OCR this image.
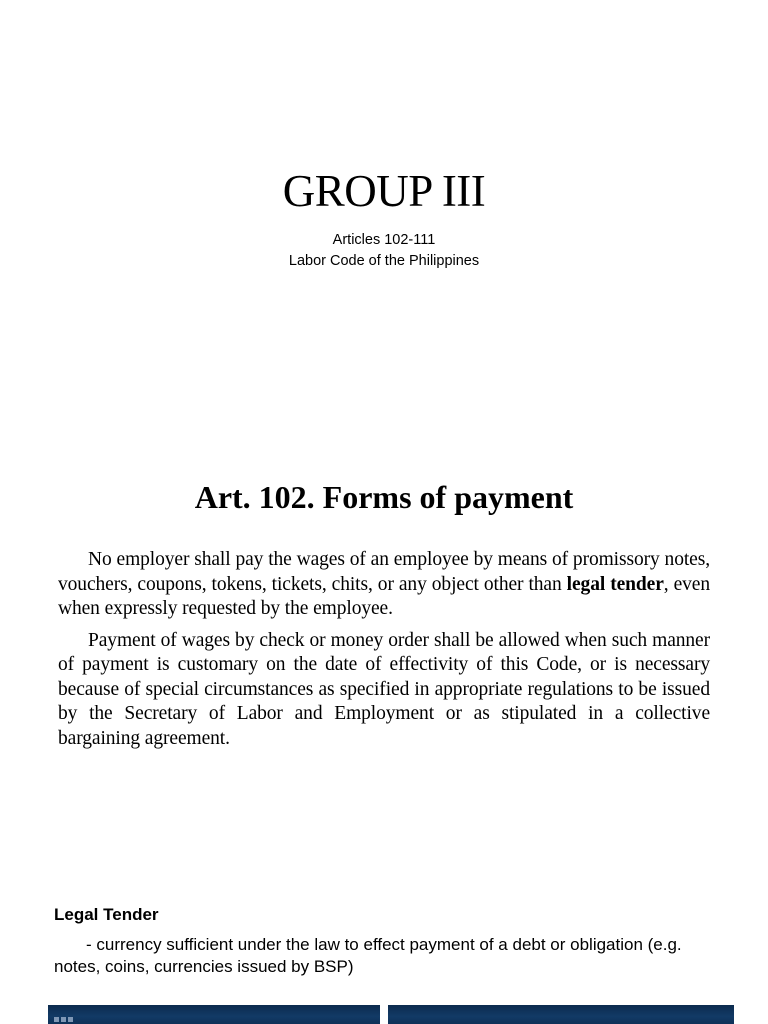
GROUP III
Articles 102-111
Labor Code of the Philippines
Art. 102. Forms of payment

No employer shall pay the wages of an employee by means of promissory notes, vouchers, coupons, tokens, tickets, chits, or any object other than legal tender, even when expressly requested by the employee.

Payment of wages by check or money order shall be allowed when such manner of payment is customary on the date of effectivity of this Code, or is necessary because of special circumstances as specified in appropriate regulations to be issued by the Secretary of Labor and Employment or as stipulated in a collective bargaining agreement.

Legal Tender
- currency sufficient under the law to effect payment of a debt or obligation (e.g. notes, coins, currencies issued by BSP)
